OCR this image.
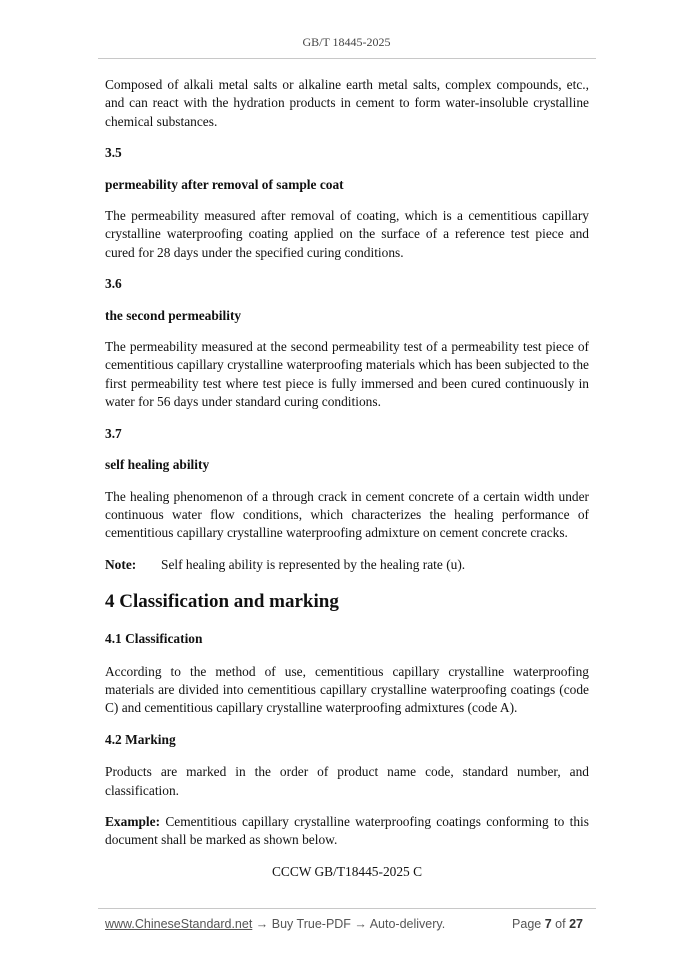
GB/T 18445-2025

Composed of alkali metal salts or alkaline earth metal salts, complex compounds, etc., and can react with the hydration products in cement to form water-insoluble crystalline chemical substances.

3.5

permeability after removal of sample coat

The permeability measured after removal of coating, which is a cementitious capillary crystalline waterproofing coating applied on the surface of a reference test piece and cured for 28 days under the specified curing conditions.

3.6

the second permeability

The permeability measured at the second permeability test of a permeability test piece of cementitious capillary crystalline waterproofing materials which has been subjected to the first permeability test where test piece is fully immersed and been cured continuously in water for 56 days under standard curing conditions.

3.7

self healing ability

The healing phenomenon of a through crack in cement concrete of a certain width under continuous water flow conditions, which characterizes the healing performance of cementitious capillary crystalline waterproofing admixture on cement concrete cracks.

Note: Self healing ability is represented by the healing rate (u).

4 Classification and marking

4.1 Classification

According to the method of use, cementitious capillary crystalline waterproofing materials are divided into cementitious capillary crystalline waterproofing coatings (code C) and cementitious capillary crystalline waterproofing admixtures (code A).

4.2 Marking

Products are marked in the order of product name code, standard number, and classification.

Example: Cementitious capillary crystalline waterproofing coatings conforming to this document shall be marked as shown below.

CCCW GB/T18445-2025 C

www.ChineseStandard.net → Buy True-PDF → Auto-delivery.	Page 7 of 27
